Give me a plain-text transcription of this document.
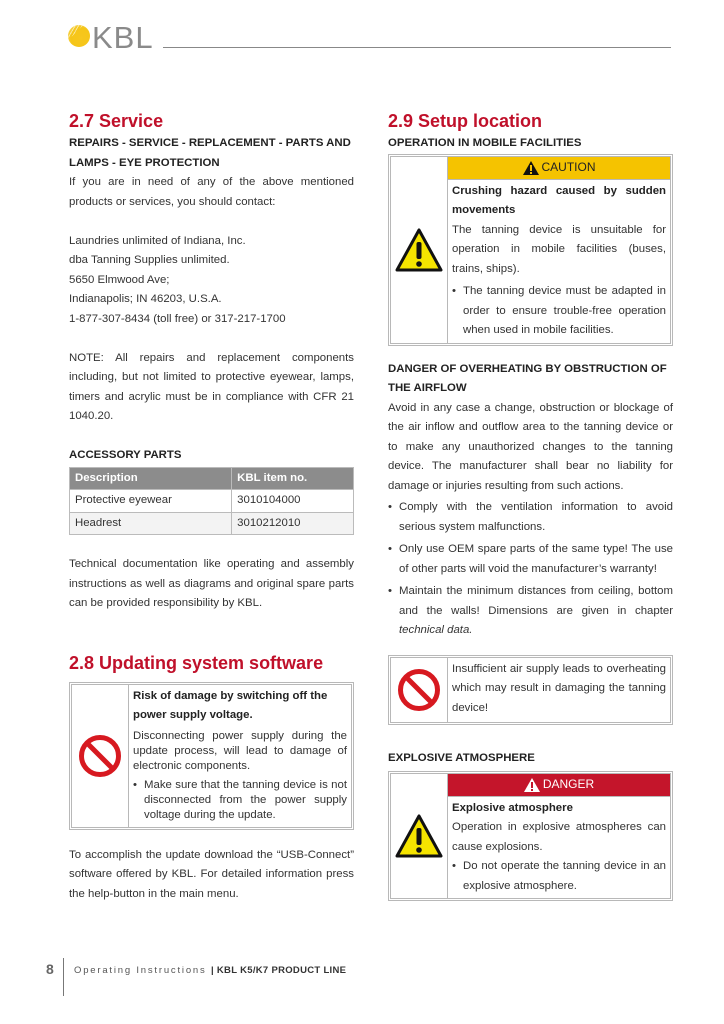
KBL
2.7 Service
REPAIRS - SERVICE - REPLACEMENT - PARTS AND LAMPS - EYE PROTECTION

If you are in need of any of the above mentioned products or services, you should contact:

Laundries unlimited of Indiana, Inc.
dba Tanning Supplies unlimited.
5650 Elmwood Ave;
Indianapolis; IN 46203, U.S.A.
1-877-307-8434 (toll free) or 317-217-1700

NOTE: All repairs and replacement components including, but not limited to protective eyewear, lamps, timers and acrylic must be in compliance with CFR 21 1040.20.

ACCESSORY PARTS
Description	KBL item no.
Protective eyewear	3010104000
Headrest	3010212010

Technical documentation like operating and assembly instructions as well as diagrams and original spare parts can be provided responsibility by KBL.

2.8 Updating system software
Risk of damage by switching off the power supply voltage.

Disconnecting power supply during the update process, will lead to damage of electronic components.

• Make sure that the tanning device is not disconnected from the power supply voltage during the update.

To accomplish the update download the “USB-Connect” software offered by KBL. For detailed information press the help-button in the main menu.

2.9 Setup location
OPERATION IN MOBILE FACILITIES
CAUTION

Crushing hazard caused by sudden movements

The tanning device is unsuitable for operation in mobile facilities (buses, trains, ships).

• The tanning device must be adapted in order to ensure trouble-free operation when used in mobile facilities.
DANGER OF OVERHEATING BY OBSTRUCTION OF THE AIRFLOW

Avoid in any case a change, obstruction or blockage of the air inflow and outflow area to the tanning device or to make any unauthorized changes to the tanning device. The manufacturer shall bear no liability for damage or injuries resulting from such actions.

• Comply with the ventilation information to avoid serious system malfunctions.
• Only use OEM spare parts of the same type! The use of other parts will void the manufacturer’s warranty!
• Maintain the minimum distances from ceiling, bottom and the walls! Dimensions are given in chapter technical data.

Insufficient air supply leads to overheating which may result in damaging the tanning device!

EXPLOSIVE ATMOSPHERE
DANGER

Explosive atmosphere

Operation in explosive atmospheres can cause explosions.

• Do not operate the tanning device in an explosive atmosphere.
8 Operating Instructions | KBL K5/K7 PRODUCT LINE
